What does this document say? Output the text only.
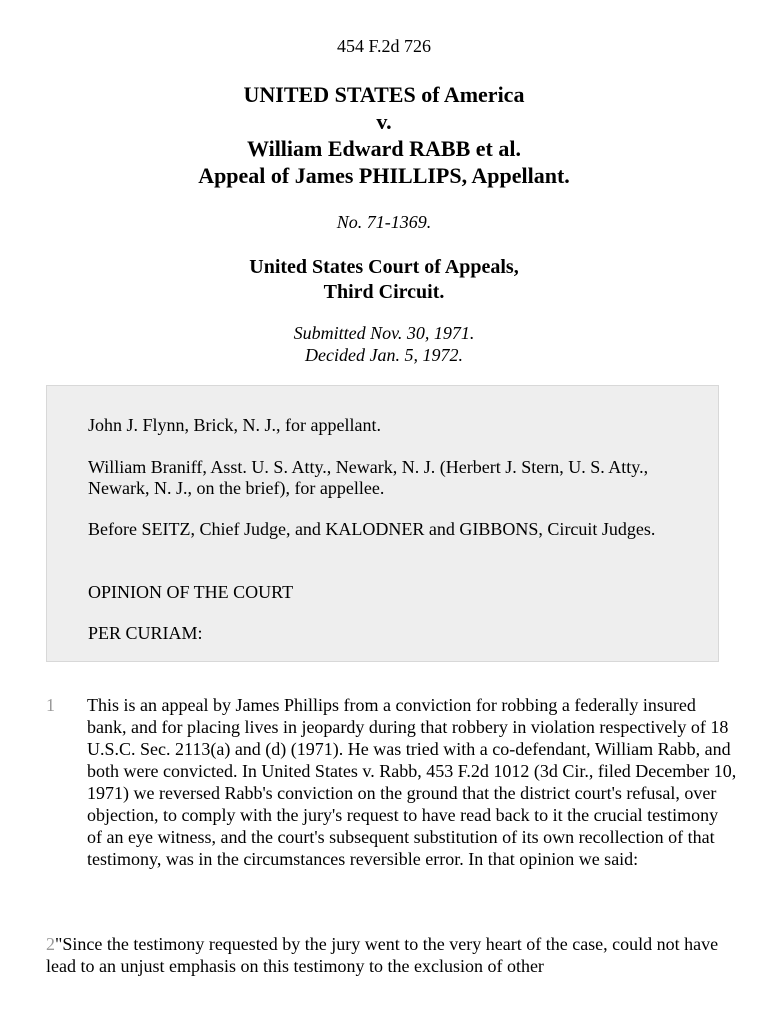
454 F.2d 726
UNITED STATES of America
v.
William Edward RABB et al.
Appeal of James PHILLIPS, Appellant.
No. 71-1369.
United States Court of Appeals,
Third Circuit.
Submitted Nov. 30, 1971.
Decided Jan. 5, 1972.
John J. Flynn, Brick, N. J., for appellant.
William Braniff, Asst. U. S. Atty., Newark, N. J. (Herbert J. Stern, U. S. Atty., Newark, N. J., on the brief), for appellee.
Before SEITZ, Chief Judge, and KALODNER and GIBBONS, Circuit Judges.
OPINION OF THE COURT
PER CURIAM:
1 This is an appeal by James Phillips from a conviction for robbing a federally insured bank, and for placing lives in jeopardy during that robbery in violation respectively of 18 U.S.C. Sec. 2113(a) and (d) (1971). He was tried with a co-defendant, William Rabb, and both were convicted. In United States v. Rabb, 453 F.2d 1012 (3d Cir., filed December 10, 1971) we reversed Rabb's conviction on the ground that the district court's refusal, over objection, to comply with the jury's request to have read back to it the crucial testimony of an eye witness, and the court's subsequent substitution of its own recollection of that testimony, was in the circumstances reversible error. In that opinion we said:
2"Since the testimony requested by the jury went to the very heart of the case, could not have lead to an unjust emphasis on this testimony to the exclusion of other
